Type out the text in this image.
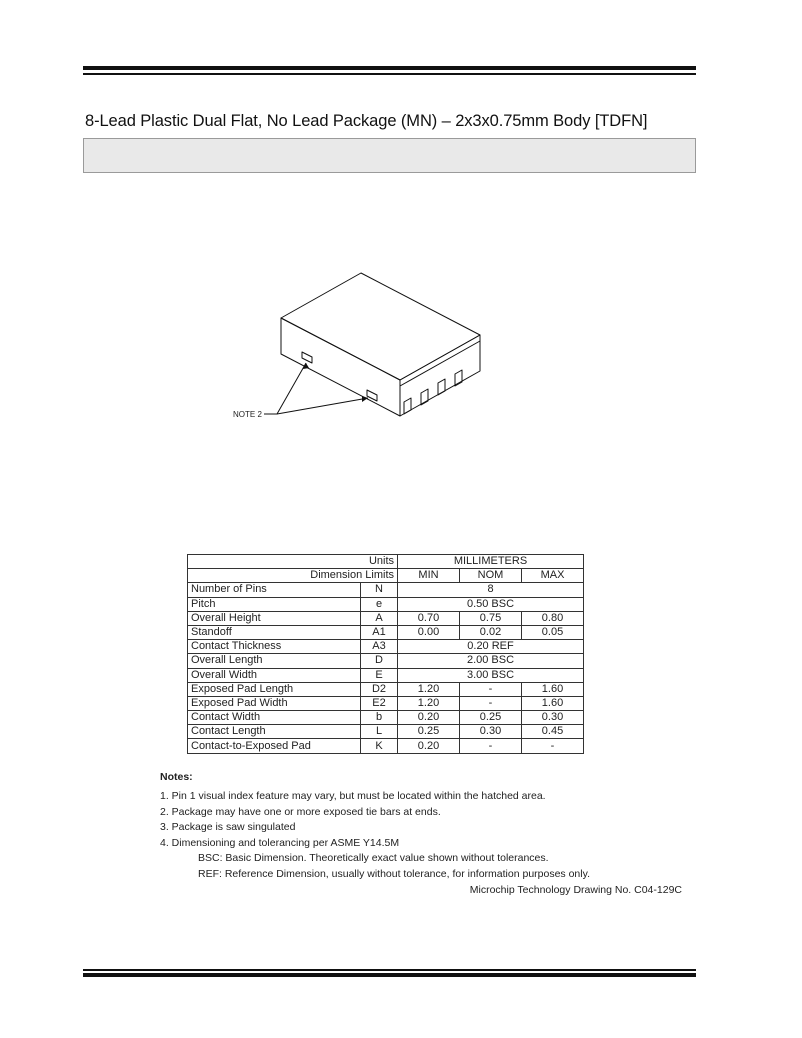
8-Lead Plastic Dual Flat, No Lead Package (MN) – 2x3x0.75mm Body [TDFN]
NOTE 2
Units		MILLIMETERS		
Dimension Limits		MIN	NOM	MAX
Number of Pins	N	8		
Pitch	e	0.50 BSC		
Overall Height	A	0.70	0.75	0.80
Standoff	A1	0.00	0.02	0.05
Contact Thickness	A3	0.20 REF		
Overall Length	D	2.00 BSC		
Overall Width	E	3.00 BSC		
Exposed Pad Length	D2	1.20	-	1.60
Exposed Pad Width	E2	1.20	-	1.60
Contact Width	b	0.20	0.25	0.30
Contact Length	L	0.25	0.30	0.45
Contact-to-Exposed Pad	K	0.20	-	-
Notes:
1. Pin 1 visual index feature may vary, but must be located within the hatched area.
2. Package may have one or more exposed tie bars at ends.
3. Package is saw singulated
4. Dimensioning and tolerancing per ASME Y14.5M
BSC: Basic Dimension. Theoretically exact value shown without tolerances.
REF: Reference Dimension, usually without tolerance, for information purposes only.
Microchip Technology Drawing No. C04-129C
